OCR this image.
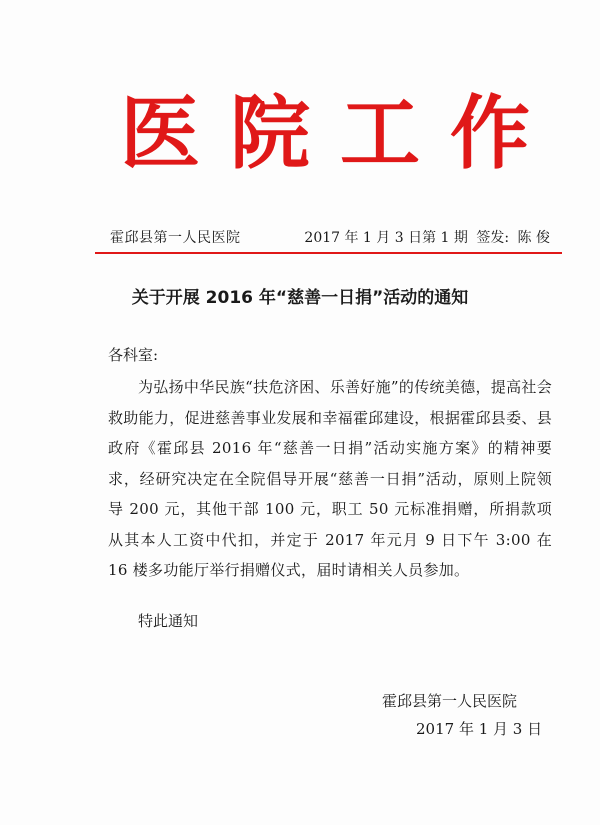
医 院 工 作
霍邱县第一人民医院	2017 年 1 月 3 日第 1 期 签发: 陈 俊
关于开展 2016 年“慈善一日捐”活动的通知
各科室:
为弘扬中华民族“扶危济困、乐善好施”的传统美德，提高社会救助能力，促进慈善事业发展和幸福霍邱建设，根据霍邱县委、县政府《霍邱县 2016 年“慈善一日捐”活动实施方案》的精神要求，经研究决定在全院倡导开展“慈善一日捐”活动，原则上院领导 200 元，其他干部 100 元，职工 50 元标准捐赠，所捐款项从其本人工资中代扣，并定于 2017 年元月 9 日下午 3:00 在 16 楼多功能厅举行捐赠仪式，届时请相关人员参加。
特此通知
霍邱县第一人民医院
2017 年 1 月 3 日
